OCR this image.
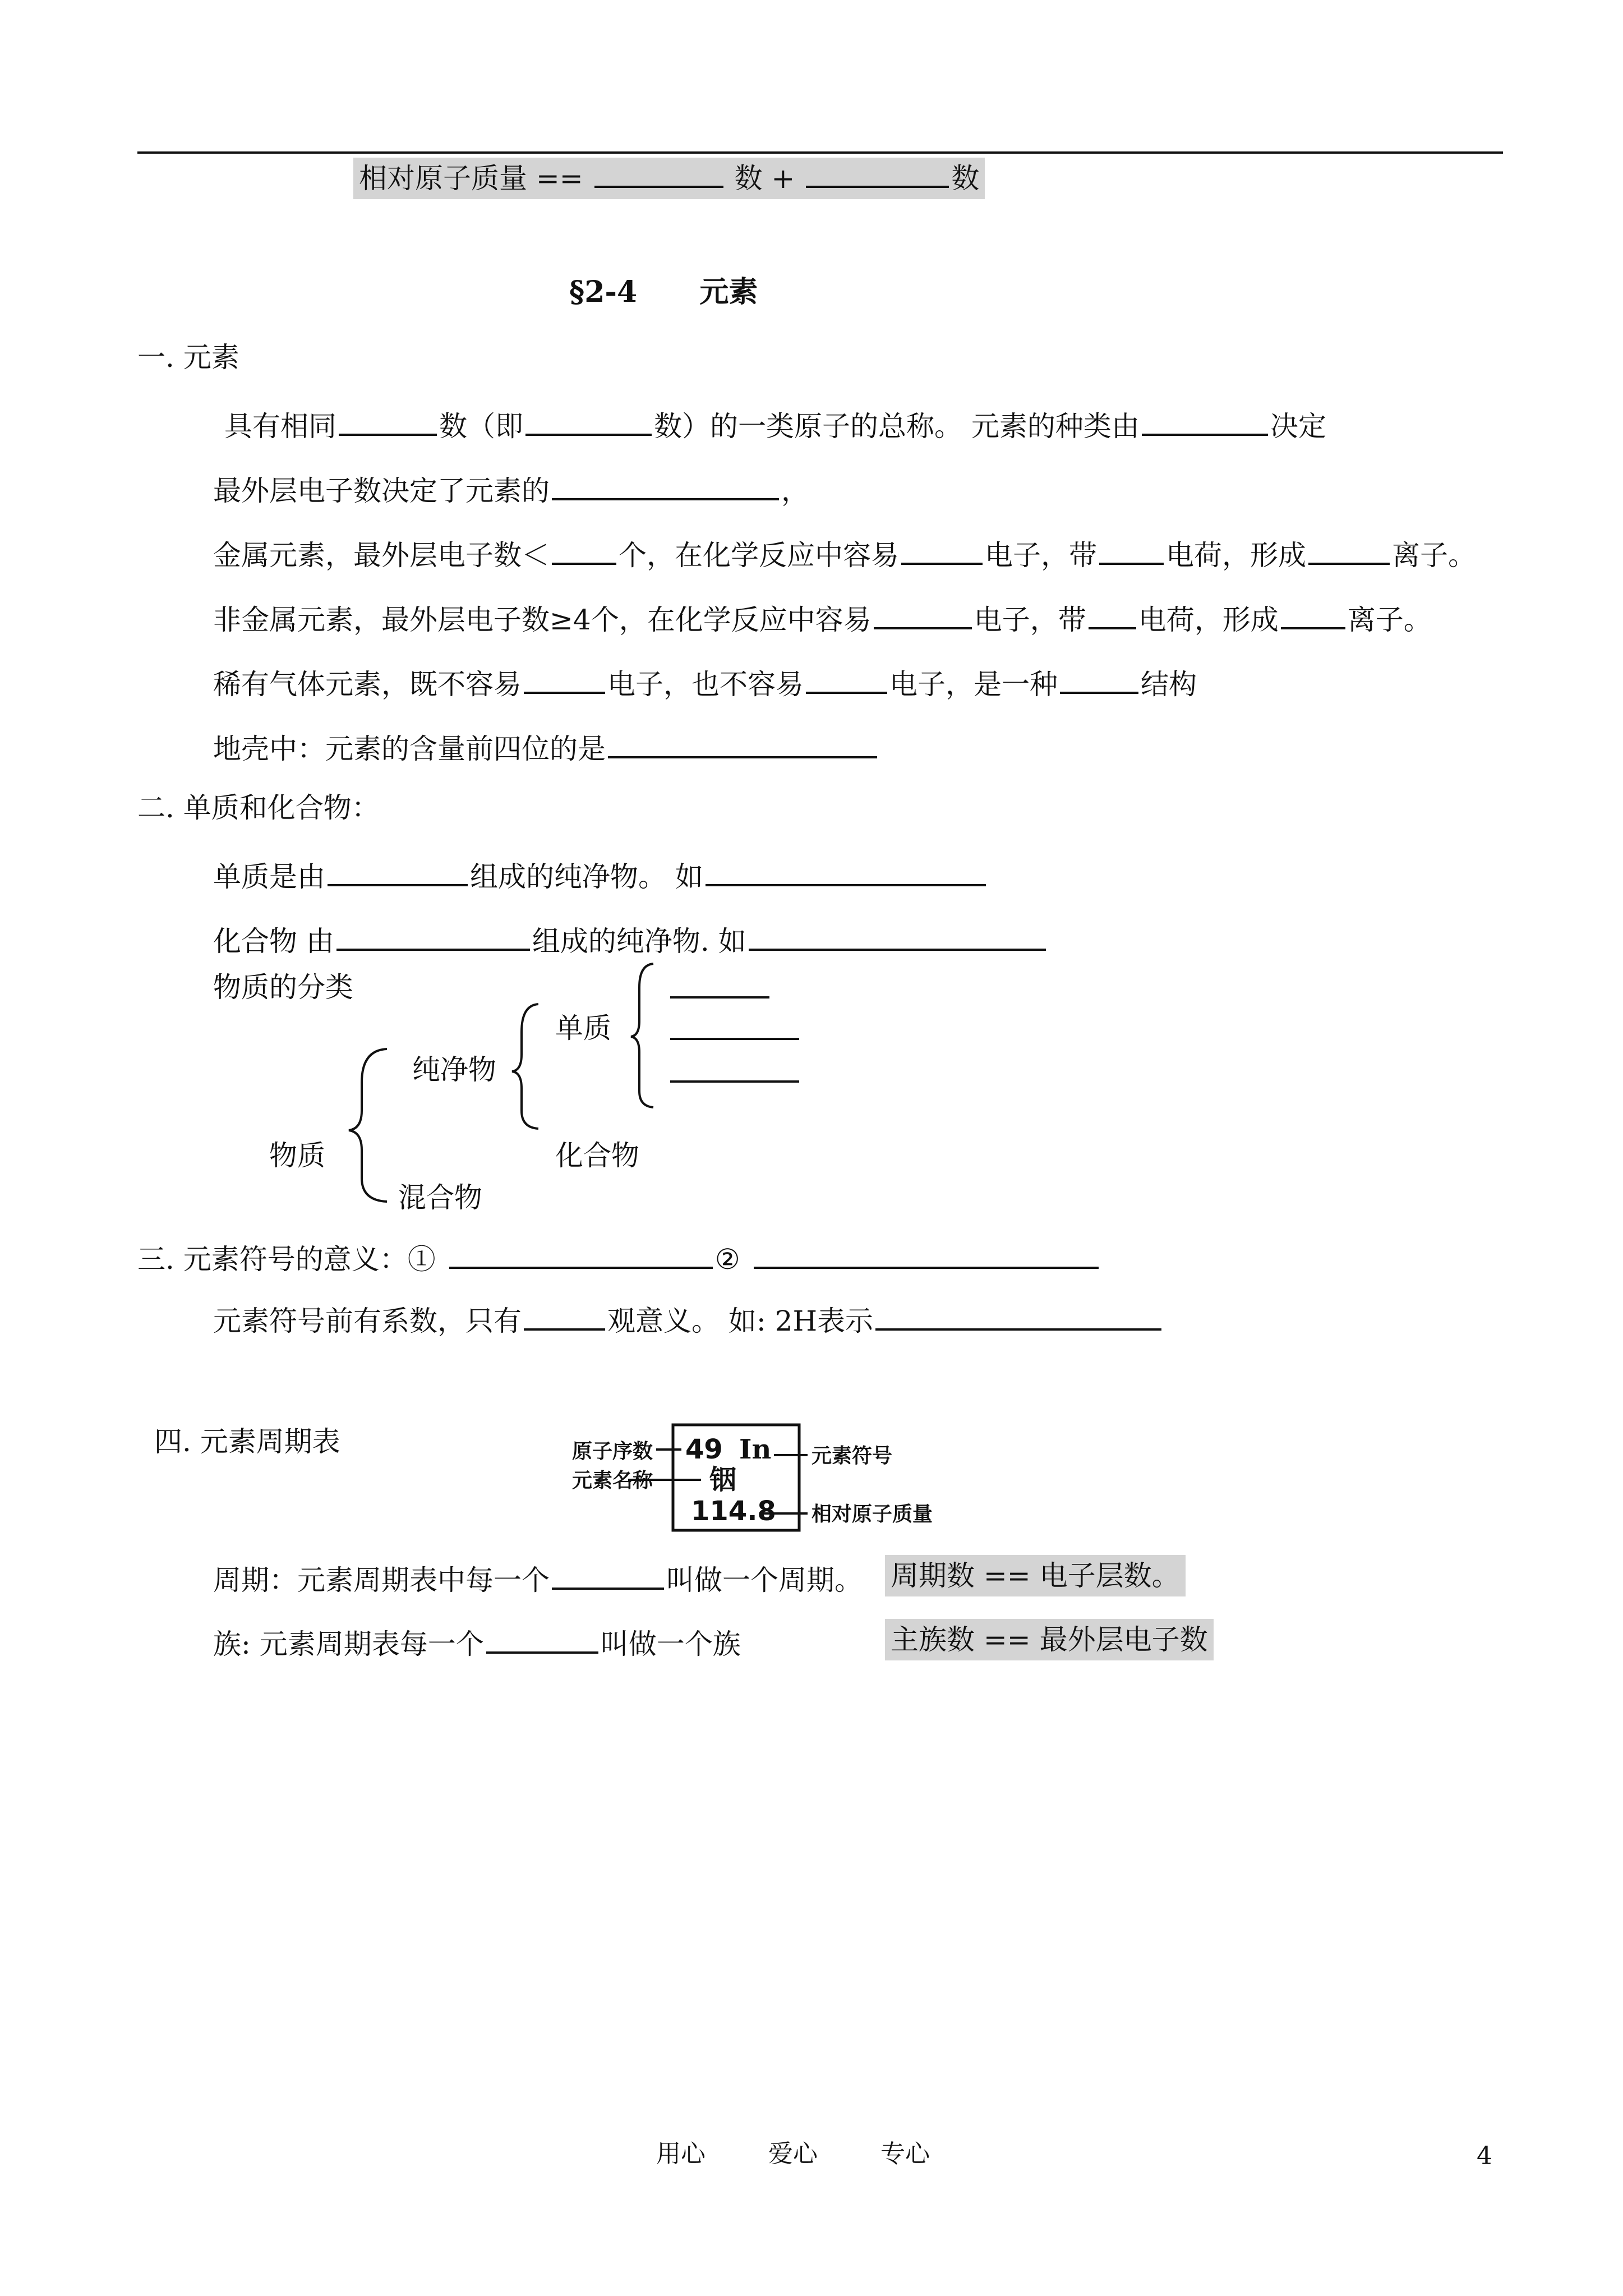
相对原子质量 ==	数 +	数
§2-4 元素
一. 元素
具有相同	数（即	数）的一类原子的总称。 元素的种类由	决定
最外层电子数决定了元素的	，
金属元素，最外层电子数＜ 个，在化学反应中容易	电子，带 电荷，形成	离子。
非金属元素，最外层电子数≥4个，在化学反应中容易	电子，带 电荷，形成 离子。
稀有气体元素，既不容易	电子，也不容易	电子，是一种	结构
地壳中：元素的含量前四位的是
二. 单质和化合物：
单质是由	组成的纯净物。 如
化合物 由	组成的纯净物. 如
物质的分类
单质
纯净物
物质	化合物
混合物
三. 元素符号的意义：①	②
元素符号前有系数，只有	观意义。 如: 2H表示
四. 元素周期表	原子序数
元素名称
元素符号
相对原子质量
49 In
铟
114.8
周期：元素周期表中每一个	叫做一个周期。 周期数 == 电子层数。
族: 元素周期表每一个	叫做一个族	主族数 == 最外层电子数
用心	爱心	专心	4
